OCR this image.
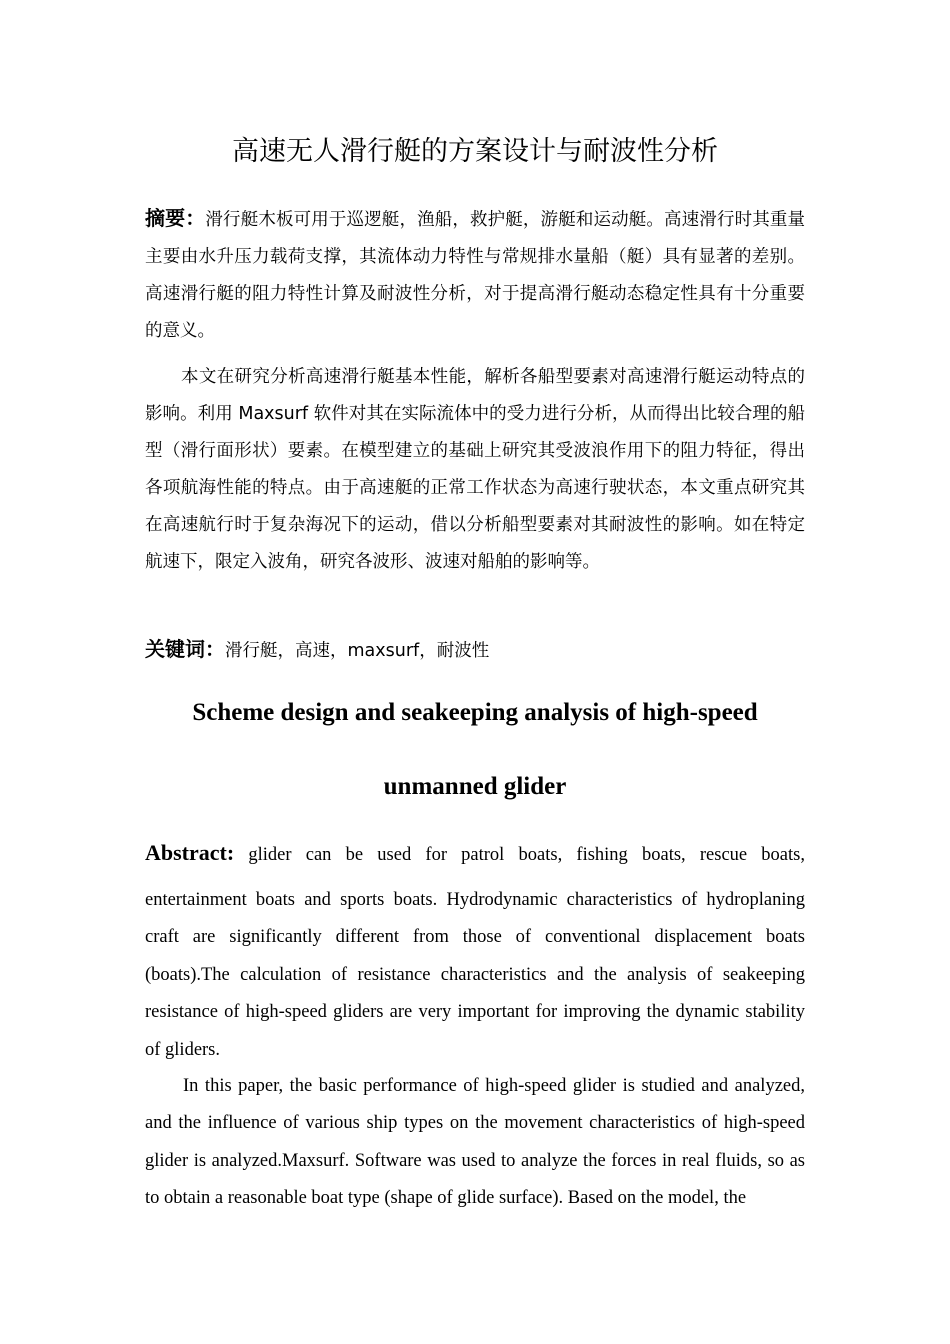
高速无人滑行艇的方案设计与耐波性分析

摘要：滑行艇木板可用于巡逻艇，渔船，救护艇，游艇和运动艇。高速滑行时其重量主要由水升压力载荷支撑，其流体动力特性与常规排水量船（艇）具有显著的差别。高速滑行艇的阻力特性计算及耐波性分析，对于提高滑行艇动态稳定性具有十分重要的意义。

本文在研究分析高速滑行艇基本性能，解析各船型要素对高速滑行艇运动特点的影响。利用 Maxsurf 软件对其在实际流体中的受力进行分析，从而得出比较合理的船型（滑行面形状）要素。在模型建立的基础上研究其受波浪作用下的阻力特征，得出各项航海性能的特点。由于高速艇的正常工作状态为高速行驶状态，本文重点研究其在高速航行时于复杂海况下的运动，借以分析船型要素对其耐波性的影响。如在特定航速下，限定入波角，研究各波形、波速对船舶的影响等。

关键词：滑行艇，高速，maxsurf，耐波性

Scheme design and seakeeping analysis of high-speed
unmanned glider
Abstract: glider can be used for patrol boats, fishing boats, rescue boats,

entertainment boats and sports boats. Hydrodynamic characteristics of hydroplaning craft are significantly different from those of conventional displacement boats (boats).The calculation of resistance characteristics and the analysis of seakeeping resistance of high-speed gliders are very important for improving the dynamic stability of gliders.

In this paper, the basic performance of high-speed glider is studied and analyzed, and the influence of various ship types on the movement characteristics of high-speed glider is analyzed.Maxsurf. Software was used to analyze the forces in real fluids, so as to obtain a reasonable boat type (shape of glide surface). Based on the model, the
